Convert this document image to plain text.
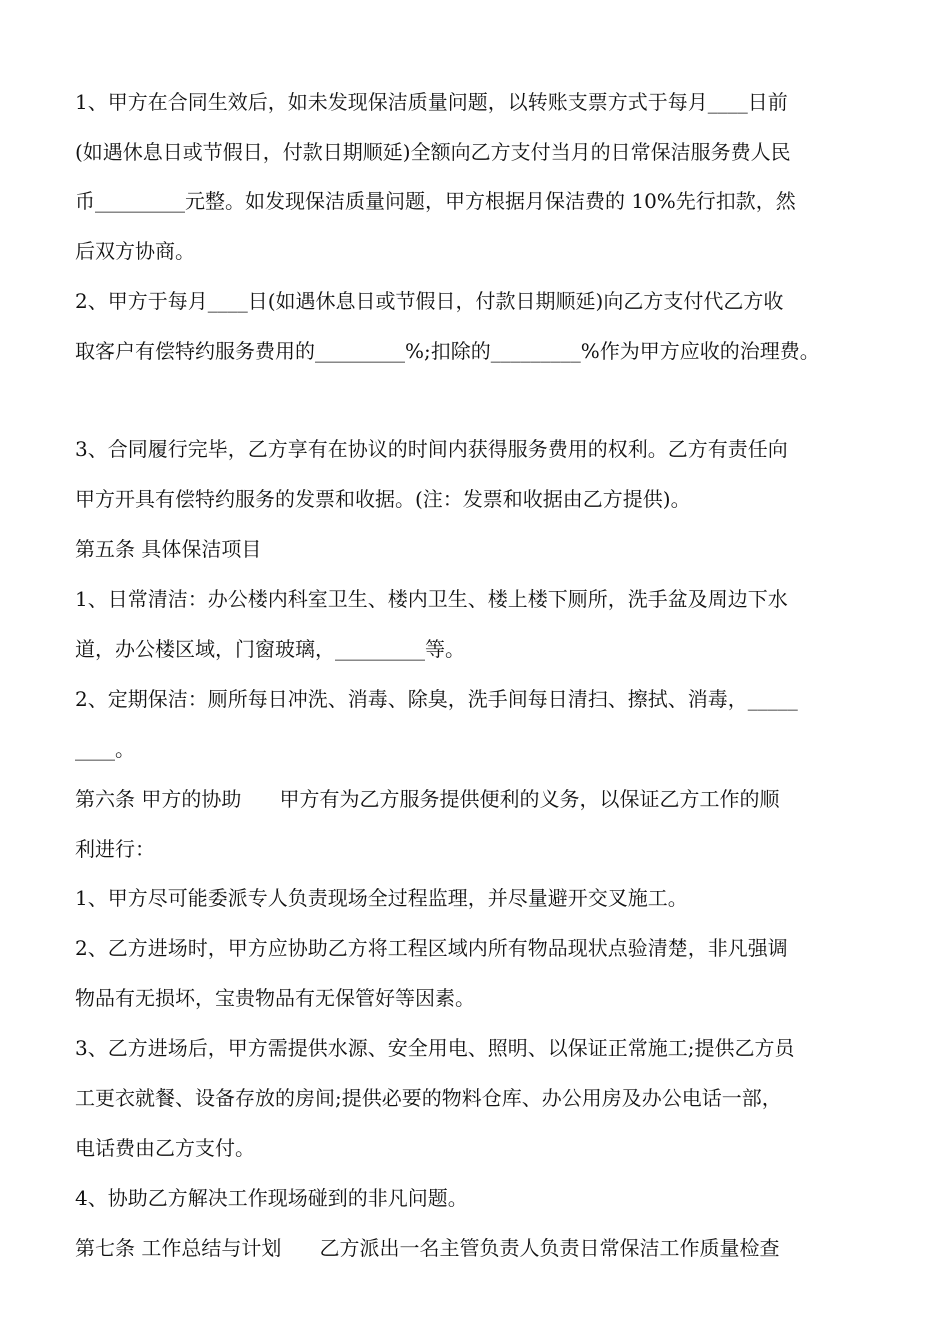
1、甲方在合同生效后，如未发现保洁质量问题，以转账支票方式于每月____日前
(如遇休息日或节假日，付款日期顺延)全额向乙方支付当月的日常保洁服务费人民
币_________元整。如发现保洁质量问题，甲方根据月保洁费的 10%先行扣款，然
后双方协商。
2、甲方于每月____日(如遇休息日或节假日，付款日期顺延)向乙方支付代乙方收
取客户有偿特约服务费用的_________%;扣除的_________%作为甲方应收的治理费。
3、合同履行完毕，乙方享有在协议的时间内获得服务费用的权利。乙方有责任向
甲方开具有偿特约服务的发票和收据。(注：发票和收据由乙方提供)。
第五条 具体保洁项目
1、日常清洁：办公楼内科室卫生、楼内卫生、楼上楼下厕所，洗手盆及周边下水
道，办公楼区域，门窗玻璃，_________等。
2、定期保洁：厕所每日冲洗、消毒、除臭，洗手间每日清扫、擦拭、消毒，_____
____。
第六条 甲方的协助      甲方有为乙方服务提供便利的义务，以保证乙方工作的顺
利进行：
1、甲方尽可能委派专人负责现场全过程监理，并尽量避开交叉施工。
2、乙方进场时，甲方应协助乙方将工程区域内所有物品现状点验清楚，非凡强调
物品有无损坏，宝贵物品有无保管好等因素。
3、乙方进场后，甲方需提供水源、安全用电、照明、以保证正常施工;提供乙方员
工更衣就餐、设备存放的房间;提供必要的物料仓库、办公用房及办公电话一部，
电话费由乙方支付。
4、协助乙方解决工作现场碰到的非凡问题。
第七条 工作总结与计划      乙方派出一名主管负责人负责日常保洁工作质量检查
